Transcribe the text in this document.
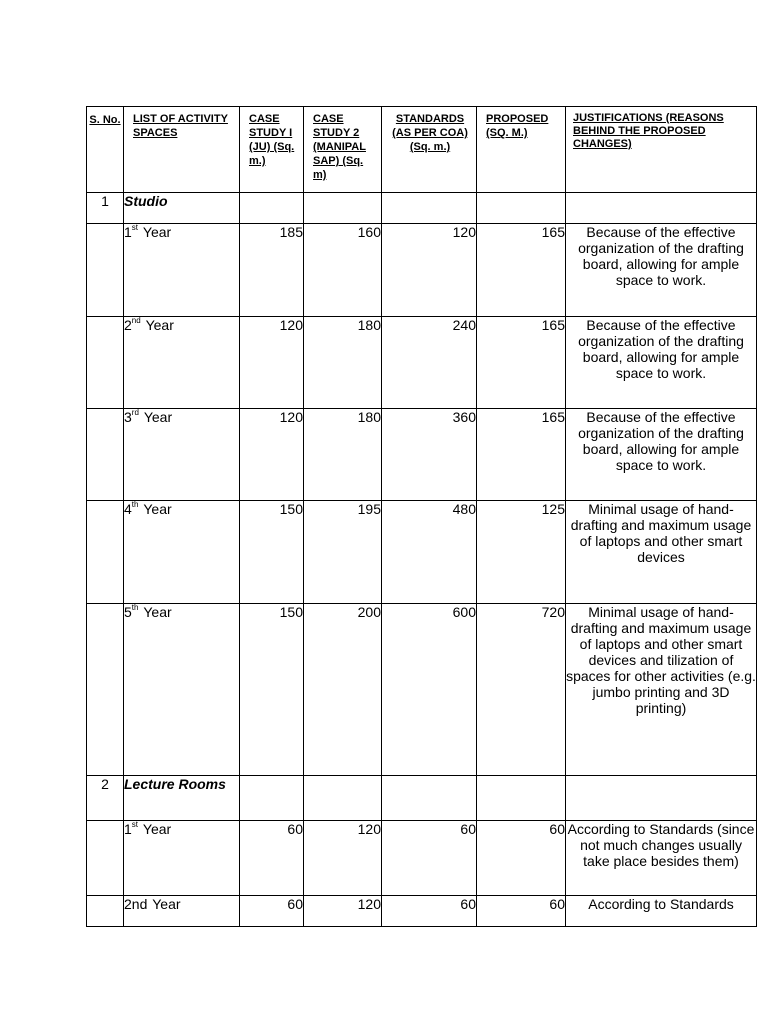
S. No.	LIST OF ACTIVITY SPACES	CASE STUDY I (JU) (Sq. m.)	CASE STUDY 2 (MANIPAL SAP) (Sq. m)	STANDARDS (AS PER COA) (Sq. m.)	PROPOSED (SQ. M.)	JUSTIFICATIONS (REASONS BEHIND THE PROPOSED CHANGES)
1	Studio					
	1st Year	185	160	120	165	Because of the effective organization of the drafting board, allowing for ample space to work.
	2nd Year	120	180	240	165	Because of the effective organization of the drafting board, allowing for ample space to work.
	3rd Year	120	180	360	165	Because of the effective organization of the drafting board, allowing for ample space to work.
	4th Year	150	195	480	125	Minimal usage of hand-drafting and maximum usage of laptops and other smart devices
	5th Year	150	200	600	720	Minimal usage of hand-drafting and maximum usage of laptops and other smart devices and tilization of spaces for other activities (e.g. jumbo printing and 3D printing)
2	Lecture Rooms					
	1st Year	60	120	60	60	According to Standards (since not much changes usually take place besides them)
	2nd Year	60	120	60	60	According to Standards
